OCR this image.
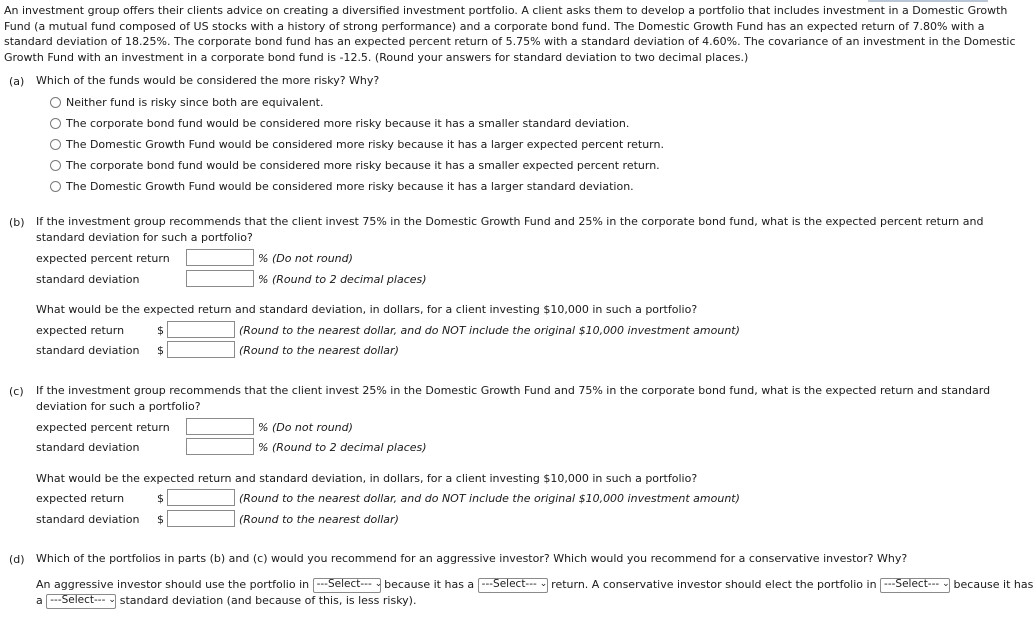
An investment group offers their clients advice on creating a diversified investment portfolio. A client asks them to develop a portfolio that includes investment in a Domestic Growth Fund (a mutual fund composed of US stocks with a history of strong performance) and a corporate bond fund. The Domestic Growth Fund has an expected return of 7.80% with a standard deviation of 18.25%. The corporate bond fund has an expected percent return of 5.75% with a standard deviation of 4.60%. The covariance of an investment in the Domestic Growth Fund with an investment in a corporate bond fund is -12.5. (Round your answers for standard deviation to two decimal places.)
(a) Which of the funds would be considered the more risky? Why?
Neither fund is risky since both are equivalent.
The corporate bond fund would be considered more risky because it has a smaller standard deviation.
The Domestic Growth Fund would be considered more risky because it has a larger expected percent return.
The corporate bond fund would be considered more risky because it has a smaller expected percent return.
The Domestic Growth Fund would be considered more risky because it has a larger standard deviation.
(b) If the investment group recommends that the client invest 75% in the Domestic Growth Fund and 25% in the corporate bond fund, what is the expected percent return and standard deviation for such a portfolio?
expected percent return	% (Do not round)
standard deviation	% (Round to 2 decimal places)
What would be the expected return and standard deviation, in dollars, for a client investing $10,000 in such a portfolio?
expected return	$	(Round to the nearest dollar, and do NOT include the original $10,000 investment amount)
standard deviation $	(Round to the nearest dollar)
(c) If the investment group recommends that the client invest 25% in the Domestic Growth Fund and 75% in the corporate bond fund, what is the expected return and standard deviation for such a portfolio?
expected percent return	% (Do not round)
standard deviation	% (Round to 2 decimal places)
What would be the expected return and standard deviation, in dollars, for a client investing $10,000 in such a portfolio?
expected return	$	(Round to the nearest dollar, and do NOT include the original $10,000 investment amount)
standard deviation $	(Round to the nearest dollar)
(d) Which of the portfolios in parts (b) and (c) would you recommend for an aggressive investor? Which would you recommend for a conservative investor? Why?
An aggressive investor should use the portfolio in ---Select--- ⌄ because it has a ---Select--- ⌄ return. A conservative investor should elect the portfolio in ---Select--- ⌄ because it has
a ---Select--- ⌄ standard deviation (and because of this, is less risky).
